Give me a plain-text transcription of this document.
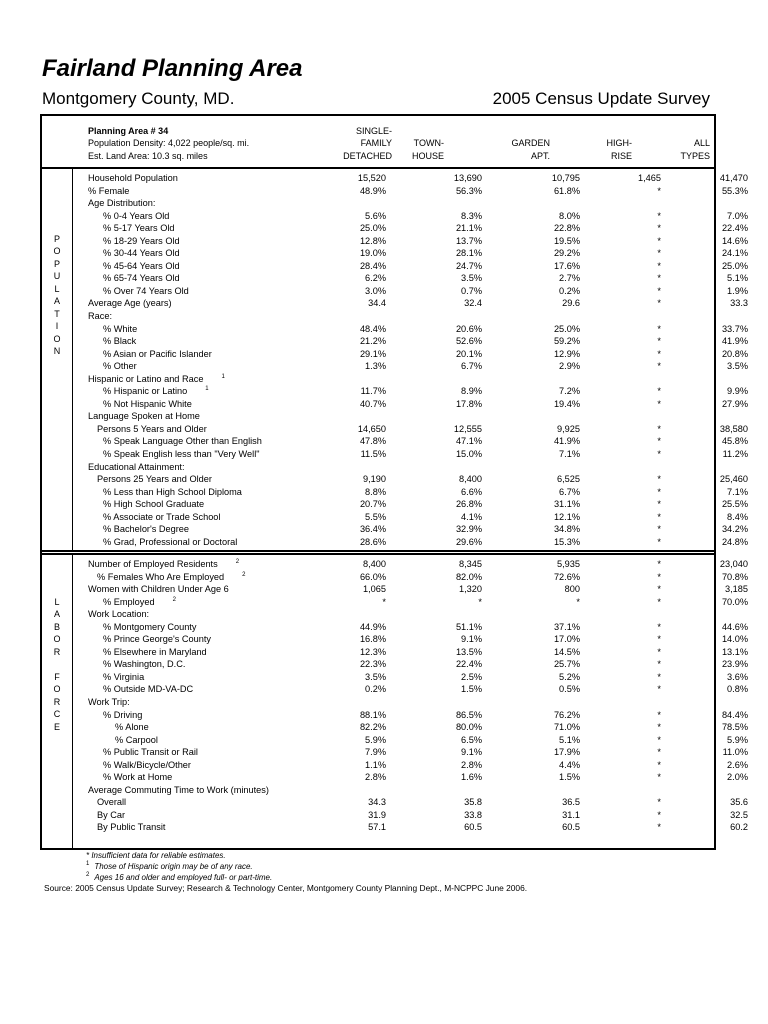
Fairland Planning Area
Montgomery County, MD.	2005 Census Update Survey
Planning Area # 34
Population Density: 4,022 people/sq. mi.
Est. Land Area: 10.3 sq. miles
SINGLE-
FAMILY
DETACHED

TOWN-
HOUSE

GARDEN
APT.

HIGH-
RISE

ALL
TYPES
P
O
P
U
L
A
T
I
O
N
L
A
B
O
R

F
O
R
C
E
Household Population	15,520	13,690	10,795	1,465	41,470
% Female	48.9%	56.3%	61.8%	*	55.3%
Age Distribution:
% 0-4 Years Old	5.6%	8.3%	8.0%	*	7.0%
% 5-17 Years Old	25.0%	21.1%	22.8%	*	22.4%
% 18-29 Years Old	12.8%	13.7%	19.5%	*	14.6%
% 30-44 Years Old	19.0%	28.1%	29.2%	*	24.1%
% 45-64 Years Old	28.4%	24.7%	17.6%	*	25.0%
% 65-74 Years Old	6.2%	3.5%	2.7%	*	5.1%
% Over 74 Years Old	3.0%	0.7%	0.2%	*	1.9%
Average Age (years)	34.4	32.4	29.6	*	33.3
Race:
% White	48.4%	20.6%	25.0%	*	33.7%
% Black	21.2%	52.6%	59.2%	*	41.9%
% Asian or Pacific Islander	29.1%	20.1%	12.9%	*	20.8%
% Other	1.3%	6.7%	2.9%	*	3.5%
Hispanic or Latino and Race	$^1$
% Hispanic or Latino	$^1$	11.7%	8.9%	7.2%	*	9.9%
% Not Hispanic White	40.7%	17.8%	19.4%	*	27.9%
Language Spoken at Home
Persons 5 Years and Older	14,650	12,555	9,925	*	38,580
% Speak Language Other than English	47.8%	47.1%	41.9%	*	45.8%
% Speak English less than "Very Well"	11.5%	15.0%	7.1%	*	11.2%
Educational Attainment:
Persons 25 Years and Older	9,190	8,400	6,525	*	25,460
% Less than High School Diploma	8.8%	6.6%	6.7%	*	7.1%
% High School Graduate	20.7%	26.8%	31.1%	*	25.5%
% Associate or Trade School	5.5%	4.1%	12.1%	*	8.4%
% Bachelor's Degree	36.4%	32.9%	34.8%	*	34.2%
% Grad, Professional or Doctoral	28.6%	29.6%	15.3%	*	24.8%
Number of Employed Residents	$^2$	8,400	8,345	5,935	*	23,040
% Females Who Are Employed	$^2$	66.0%	82.0%	72.6%	*	70.8%
Women with Children Under Age 6	1,065	1,320	800	*	3,185
% Employed	$^2$	*	*	*	*	70.0%
Work Location:
% Montgomery County	44.9%	51.1%	37.1%	*	44.6%
% Prince George's County	16.8%	9.1%	17.0%	*	14.0%
% Elsewhere in Maryland	12.3%	13.5%	14.5%	*	13.1%
% Washington, D.C.	22.3%	22.4%	25.7%	*	23.9%
% Virginia	3.5%	2.5%	5.2%	*	3.6%
% Outside MD-VA-DC	0.2%	1.5%	0.5%	*	0.8%
Work Trip:
% Driving	88.1%	86.5%	76.2%	*	84.4%
% Alone	82.2%	80.0%	71.0%	*	78.5%
% Carpool	5.9%	6.5%	5.1%	*	5.9%
% Public Transit or Rail	7.9%	9.1%	17.9%	*	11.0%
% Walk/Bicycle/Other	1.1%	2.8%	4.4%	*	2.6%
% Work at Home	2.8%	1.6%	1.5%	*	2.0%
Average Commuting Time to Work (minutes)
Overall	34.3	35.8	36.5	*	35.6
By Car	31.9	33.8	31.1	*	32.5
By Public Transit	57.1	60.5	60.5	*	60.2
* Insufficient data for reliable estimates.
$^1$ Those of Hispanic origin may be of any race.
$^2$ Ages 16 and older and employed full- or part-time.
Source: 2005 Census Update Survey; Research & Technology Center, Montgomery County Planning Dept., M-NCPPC June 2006.
